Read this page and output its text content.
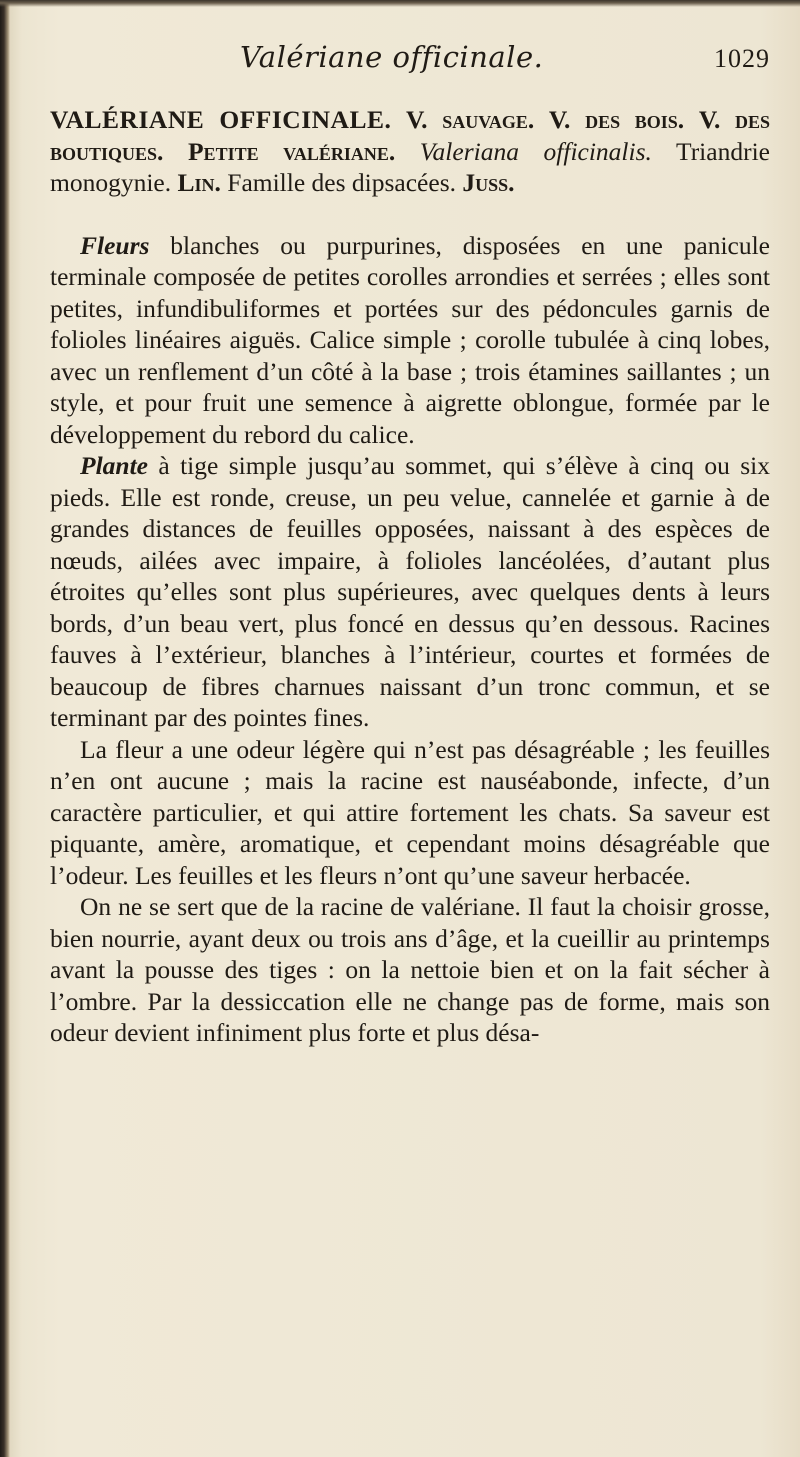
Valériane officinale.	1029

VALÉRIANE OFFICINALE. V. sauvage. V. des bois. V. des boutiques. Petite valériane. Valeriana officinalis. Triandrie monogynie. Lin. Famille des dipsacées. Juss.

Fleurs blanches ou purpurines, disposées en une panicule terminale composée de petites corolles arrondies et serrées ; elles sont petites, infundibuliformes et portées sur des pédoncules garnis de folioles linéaires aiguës. Calice simple ; corolle tubulée à cinq lobes, avec un renflement d’un côté à la base ; trois étamines saillantes ; un style, et pour fruit une semence à aigrette oblongue, formée par le développement du rebord du calice.

Plante à tige simple jusqu’au sommet, qui s’élève à cinq ou six pieds. Elle est ronde, creuse, un peu velue, cannelée et garnie à de grandes distances de feuilles opposées, naissant à des espèces de nœuds, ailées avec impaire, à folioles lancéolées, d’autant plus étroites qu’elles sont plus supérieures, avec quelques dents à leurs bords, d’un beau vert, plus foncé en dessus qu’en dessous. Racines fauves à l’extérieur, blanches à l’intérieur, courtes et formées de beaucoup de fibres charnues naissant d’un tronc commun, et se terminant par des pointes fines.

La fleur a une odeur légère qui n’est pas désagréable ; les feuilles n’en ont aucune ; mais la racine est nauséabonde, infecte, d’un caractère particulier, et qui attire fortement les chats. Sa saveur est piquante, amère, aromatique, et cependant moins désagréable que l’odeur. Les feuilles et les fleurs n’ont qu’une saveur herbacée.

On ne se sert que de la racine de valériane. Il faut la choisir grosse, bien nourrie, ayant deux ou trois ans d’âge, et la cueillir au printemps avant la pousse des tiges : on la nettoie bien et on la fait sécher à l’ombre. Par la dessiccation elle ne change pas de forme, mais son odeur devient infiniment plus forte et plus désa-
